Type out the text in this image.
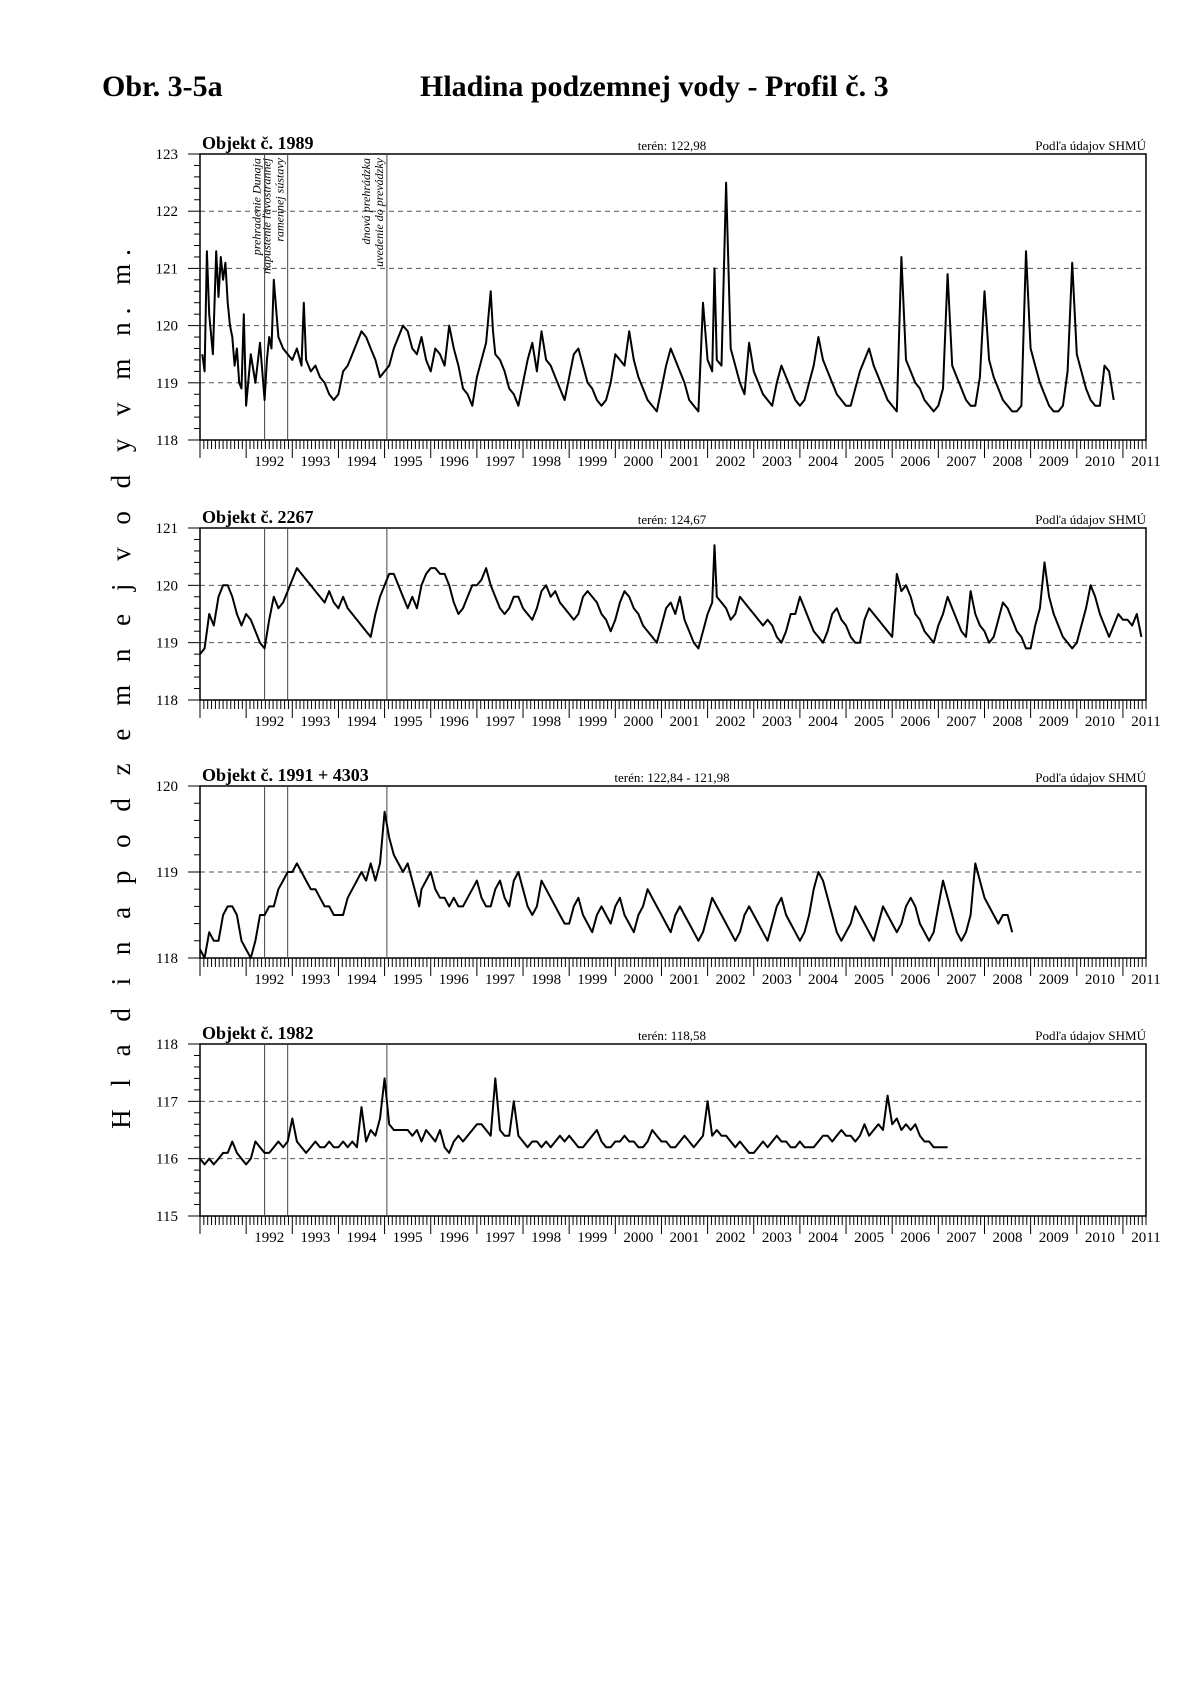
Obr. 3-5a	Hladina podzemnej vody - Profil č. 3
H l a d i n a p o d z e m n e j v o d y v m n. m. 118
119
120
121
122
123
1992 1993 1994 1995 1996 1997 1998 1999 2000 2001 2002 2003 2004 2005 2006 2007 2008 2009 2010 2011
Objekt č. 1989	terén: 122,98	Podľa údajov SHMÚ
prehradenie Dunaja
napustenie ľavostrannejramennej sústavy	dnová prehrádzkauvedenie do prevádzky
118
119
120
121
1992 1993 1994 1995 1996 1997 1998 1999 2000 2001 2002 2003 2004 2005 2006 2007 2008 2009 2010 2011
Objekt č. 2267	terén: 124,67	Podľa údajov SHMÚ
118
119
120
1992 1993 1994 1995 1996 1997 1998 1999 2000 2001 2002 2003 2004 2005 2006 2007 2008 2009 2010 2011
Objekt č. 1991 + 4303	terén: 122,84 - 121,98	Podľa údajov SHMÚ
115
116
117
118
1992 1993 1994 1995 1996 1997 1998 1999 2000 2001 2002 2003 2004 2005 2006 2007 2008 2009 2010 2011
Objekt č. 1982	terén: 118,58	Podľa údajov SHMÚ
